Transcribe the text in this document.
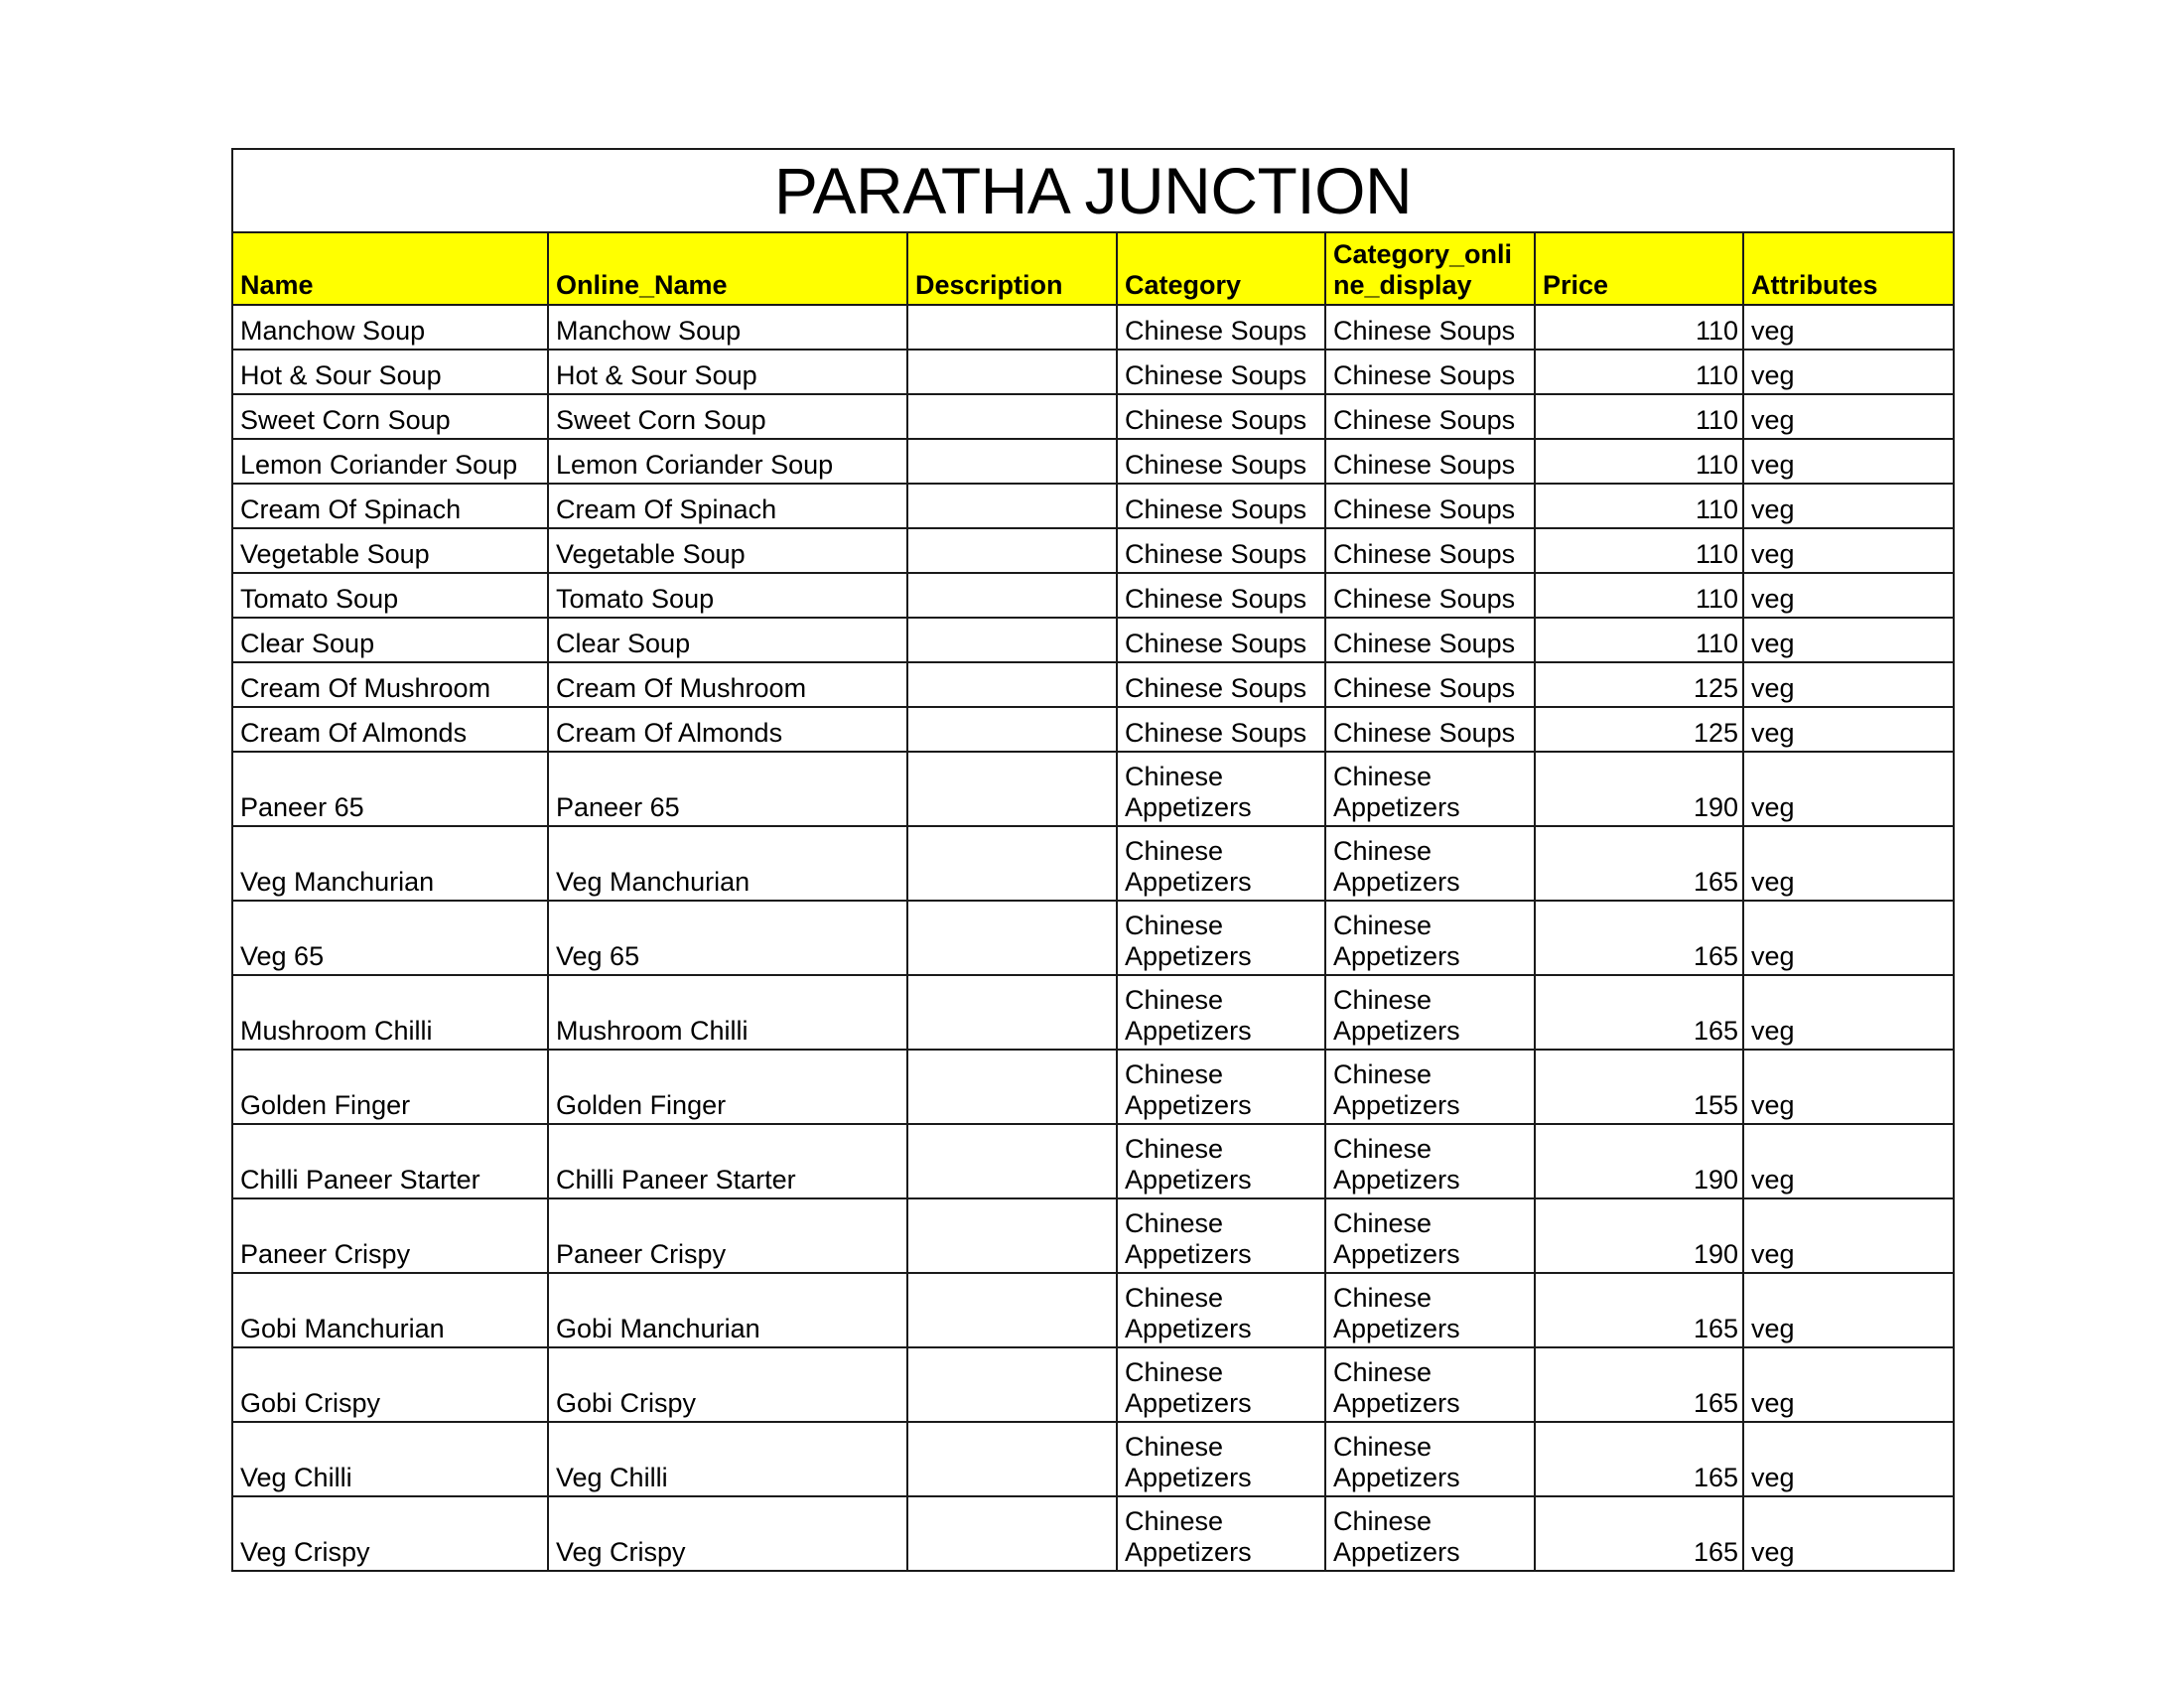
PARATHA JUNCTION						
Name	Online_Name	Description	Category	Category_onli ne_display	Price	Attributes
Manchow Soup	Manchow Soup		Chinese Soups	Chinese Soups	110	veg
Hot & Sour Soup	Hot & Sour Soup		Chinese Soups	Chinese Soups	110	veg
Sweet Corn Soup	Sweet Corn Soup		Chinese Soups	Chinese Soups	110	veg
Lemon Coriander Soup	Lemon Coriander Soup		Chinese Soups	Chinese Soups	110	veg
Cream Of Spinach	Cream Of Spinach		Chinese Soups	Chinese Soups	110	veg
Vegetable Soup	Vegetable Soup		Chinese Soups	Chinese Soups	110	veg
Tomato Soup	Tomato Soup		Chinese Soups	Chinese Soups	110	veg
Clear Soup	Clear Soup		Chinese Soups	Chinese Soups	110	veg
Cream Of Mushroom	Cream Of Mushroom		Chinese Soups	Chinese Soups	125	veg
Cream Of Almonds	Cream Of Almonds		Chinese Soups	Chinese Soups	125	veg
Paneer 65	Paneer 65		Chinese Appetizers	Chinese Appetizers	190	veg
Veg Manchurian	Veg Manchurian		Chinese Appetizers	Chinese Appetizers	165	veg
Veg 65	Veg 65		Chinese Appetizers	Chinese Appetizers	165	veg
Mushroom Chilli	Mushroom Chilli		Chinese Appetizers	Chinese Appetizers	165	veg
Golden Finger	Golden Finger		Chinese Appetizers	Chinese Appetizers	155	veg
Chilli Paneer Starter	Chilli Paneer Starter		Chinese Appetizers	Chinese Appetizers	190	veg
Paneer Crispy	Paneer Crispy		Chinese Appetizers	Chinese Appetizers	190	veg
Gobi Manchurian	Gobi Manchurian		Chinese Appetizers	Chinese Appetizers	165	veg
Gobi Crispy	Gobi Crispy		Chinese Appetizers	Chinese Appetizers	165	veg
Veg Chilli	Veg Chilli		Chinese Appetizers	Chinese Appetizers	165	veg
Veg Crispy	Veg Crispy		Chinese Appetizers	Chinese Appetizers	165	veg
